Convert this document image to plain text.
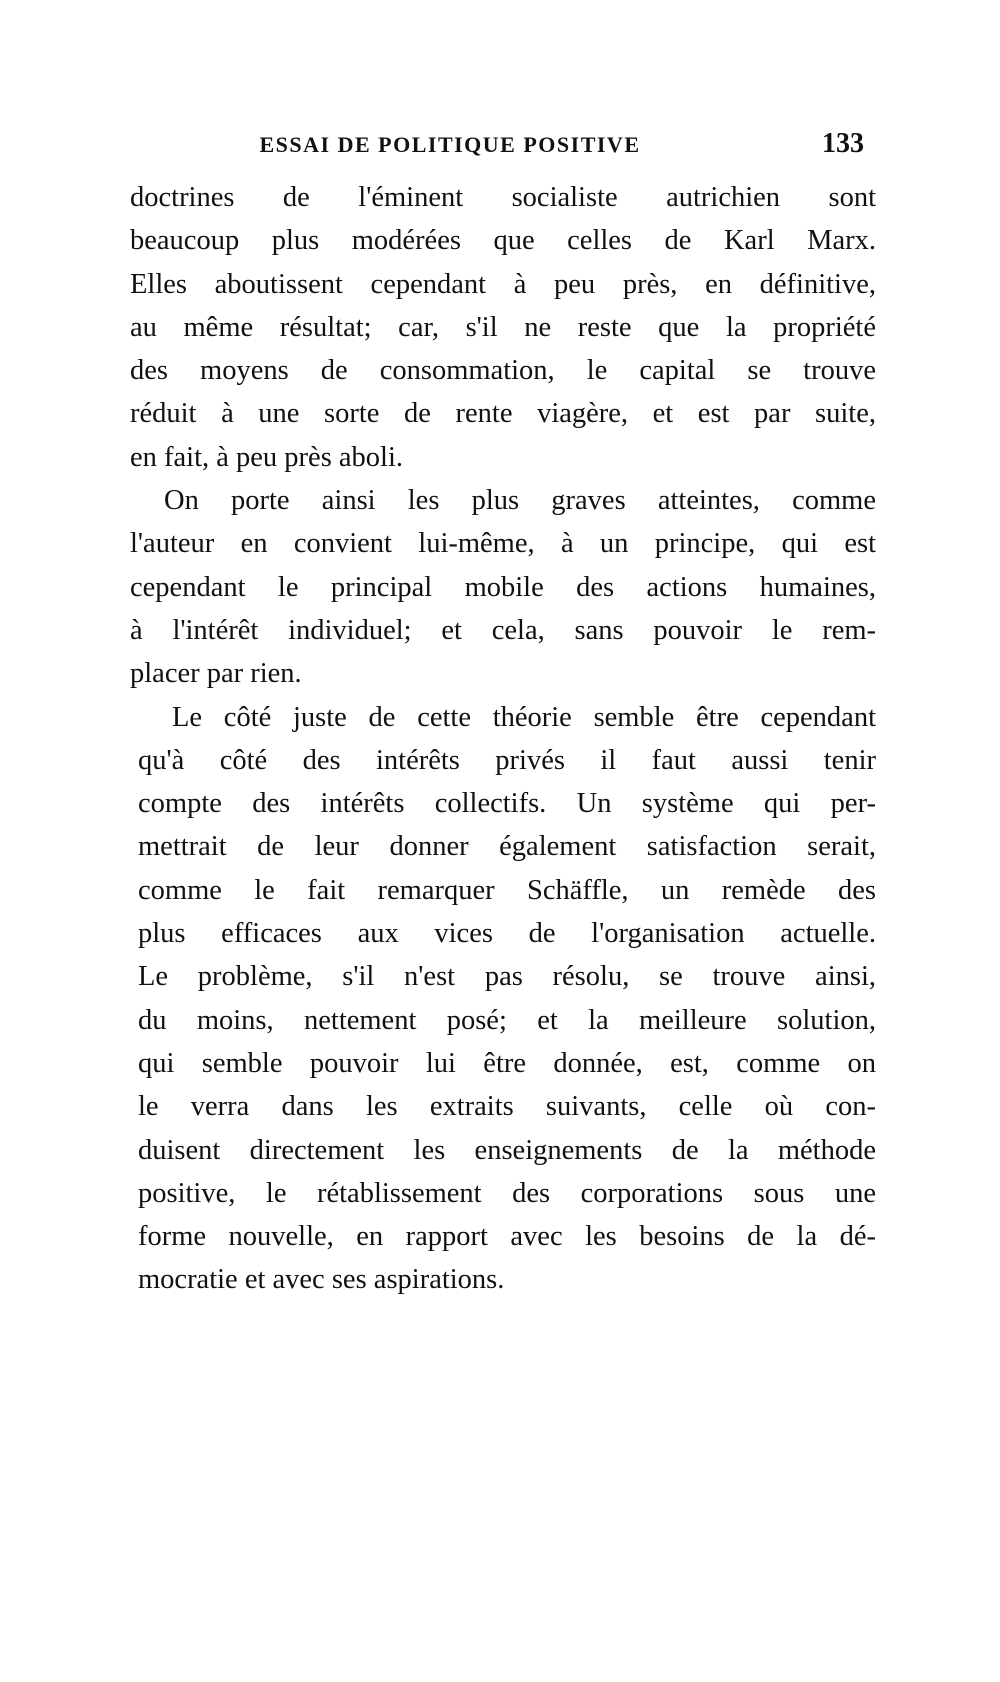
ESSAI DE POLITIQUE POSITIVE	133

doctrines de l'éminent socialiste autrichien sont
beaucoup plus modérées que celles de Karl Marx.
Elles aboutissent cependant à peu près, en définitive,
au même résultat; car, s'il ne reste que la propriété
des moyens de consommation, le capital se trouve
réduit à une sorte de rente viagère, et est par suite,
en fait, à peu près aboli.

On porte ainsi les plus graves atteintes, comme
l'auteur en convient lui-même, à un principe, qui est
cependant le principal mobile des actions humaines,
à l'intérêt individuel; et cela, sans pouvoir le rem-
placer par rien.

Le côté juste de cette théorie semble être cependant
qu'à côté des intérêts privés il faut aussi tenir
compte des intérêts collectifs. Un système qui per-
mettrait de leur donner également satisfaction serait,
comme le fait remarquer Schäffle, un remède des
plus efficaces aux vices de l'organisation actuelle.
Le problème, s'il n'est pas résolu, se trouve ainsi,
du moins, nettement posé; et la meilleure solution,
qui semble pouvoir lui être donnée, est, comme on
le verra dans les extraits suivants, celle où con-
duisent directement les enseignements de la méthode
positive, le rétablissement des corporations sous une
forme nouvelle, en rapport avec les besoins de la dé-
mocratie et avec ses aspirations.
